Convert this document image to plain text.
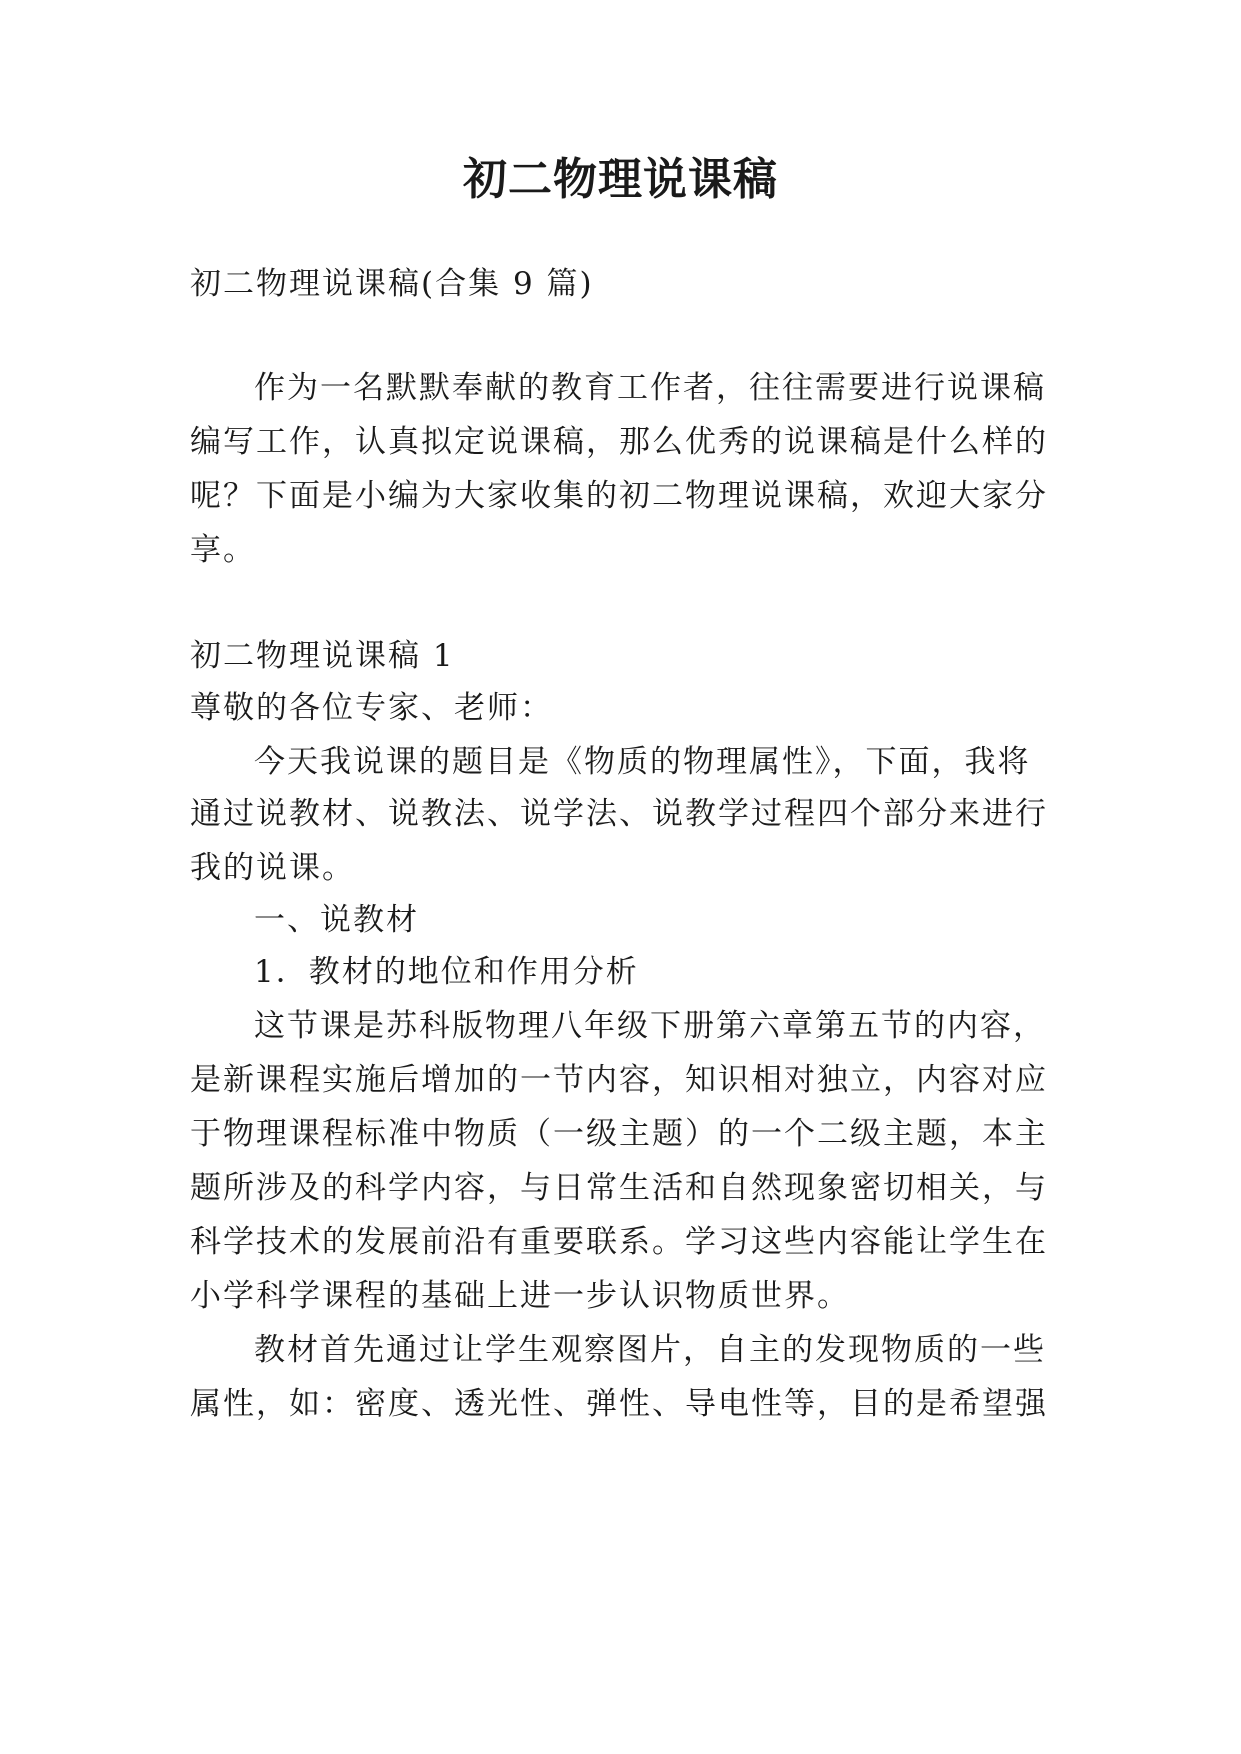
初二物理说课稿
初二物理说课稿(合集 9 篇)
作为一名默默奉献的教育工作者，往往需要进行说课稿
编写工作，认真拟定说课稿，那么优秀的说课稿是什么样的
呢？下面是小编为大家收集的初二物理说课稿，欢迎大家分
享。
初二物理说课稿 1
尊敬的各位专家、老师：
今天我说课的题目是《物质的物理属性》，下面，我将
通过说教材、说教法、说学法、说教学过程四个部分来进行
我的说课。
一、说教材
1．教材的地位和作用分析
这节课是苏科版物理八年级下册第六章第五节的内容，
是新课程实施后增加的一节内容，知识相对独立，内容对应
于物理课程标准中物质（一级主题）的一个二级主题，本主
题所涉及的科学内容，与日常生活和自然现象密切相关，与
科学技术的发展前沿有重要联系。学习这些内容能让学生在
小学科学课程的基础上进一步认识物质世界。
教材首先通过让学生观察图片，自主的发现物质的一些
属性，如：密度、透光性、弹性、导电性等，目的是希望强
